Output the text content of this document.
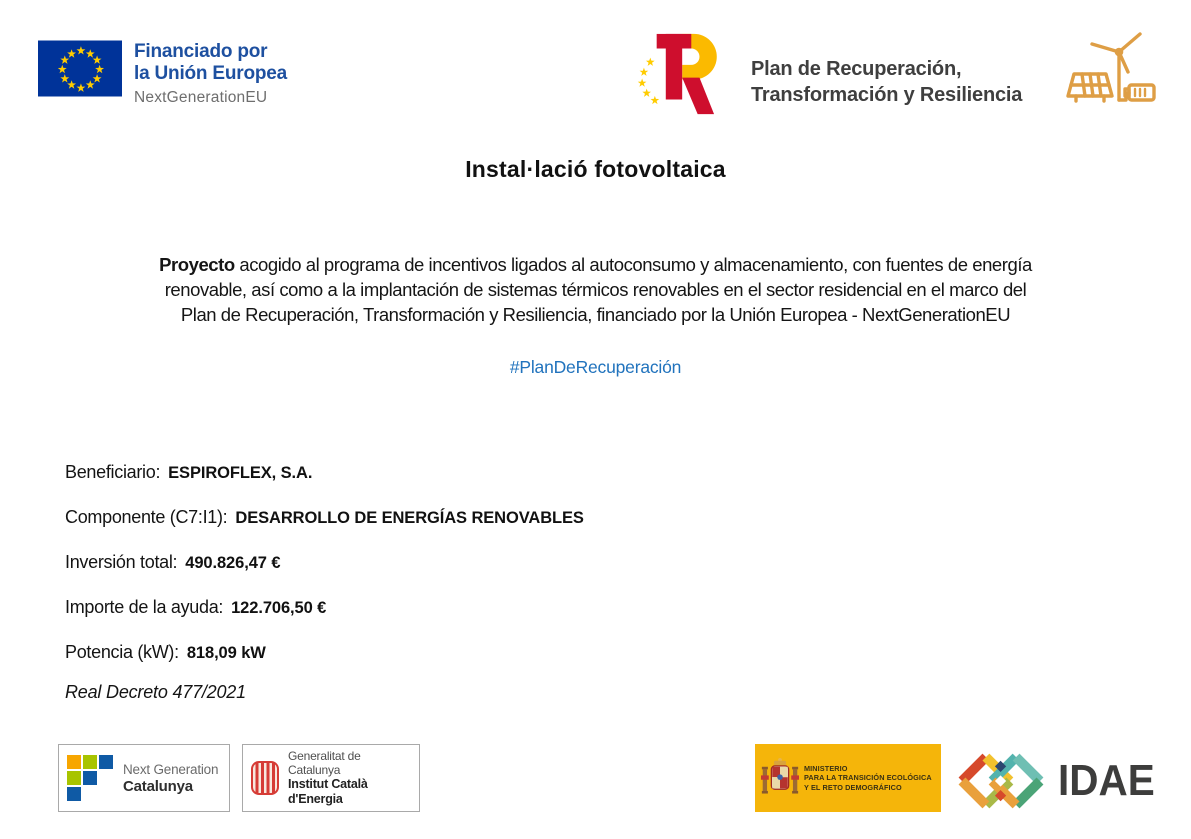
Financiado por
la Unión Europea
NextGenerationEU
Plan de Recuperación,
Transformación y Resiliencia
Instal·lació fotovoltaica
Proyecto acogido al programa de incentivos ligados al autoconsumo y almacenamiento, con fuentes de energía
renovable, así como a la implantación de sistemas térmicos renovables en el sector residencial en el marco del
Plan de Recuperación, Transformación y Resiliencia, financiado por la Unión Europea - NextGenerationEU
#PlanDeRecuperación
Beneficiario: ESPIROFLEX, S.A.
Componente (C7:I1): DESARROLLO DE ENERGÍAS RENOVABLES
Inversión total: 490.826,47 €
Importe de la ayuda: 122.706,50 €
Potencia (kW): 818,09 kW
Real Decreto 477/2021
Next Generation
Catalunya
Generalitat de Catalunya
Institut Català d'Energia
MINISTERIO
PARA LA TRANSICIÓN ECOLÓGICA
Y EL RETO DEMOGRÁFICO	IDAE
